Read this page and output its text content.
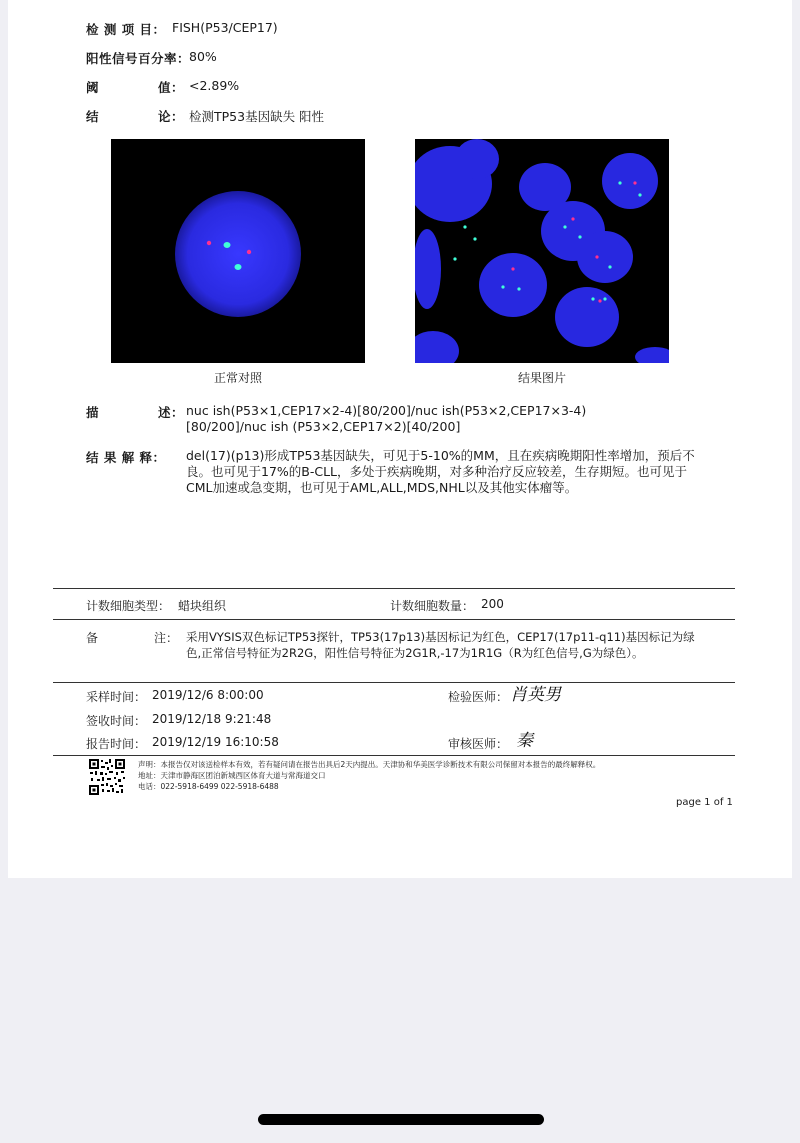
检 测 项 目： FISH(P53/CEP17)
阳性信号百分率：
80%
阈	值： <2.89%
结	论： 检测TP53基因缺失 阳性
正常对照	结果图片
描	述： nuc ish(P53×1,CEP17×2-4)[80/200]/nuc ish(P53×2,CEP17×3-4)[80/200]/nuc ish (P53×2,CEP17×2)[40/200]
结 果 解 释： del(17)(p13)形成TP53基因缺失，可见于5-10%的MM，且在疾病晚期阳性率增加，预后不良。也可见于17%的B-CLL，多处于疾病晚期，对多种治疗反应较差，生存期短。也可见于CML加速或急变期，也可见于AML,ALL,MDS,NHL以及其他实体瘤等。
计数细胞类型： 蜡块组织	计数细胞数量： 200
备	注： 采用VYSIS双色标记TP53探针，TP53(17p13)基因标记为红色，CEP17(17p11-q11)基因标记为绿色,正常信号特征为2R2G，阳性信号特征为2G1R,-17为1R1G（R为红色信号,G为绿色）。
采样时间： 2019/12/6 8:00:00
签收时间： 2019/12/18 9:21:48
报告时间： 2019/12/19 16:10:58
检验医师： 肖英男
审核医师： 秦
声明：本报告仅对该送检样本有效，若有疑问请在报告出具后2天内提出。天津协和华美医学诊断技术有限公司保留对本报告的最终解释权。
地址：天津市静海区团泊新城西区体育大道与常海道交口
电话：022-5918-6499 022-5918-6488
page 1 of 1
